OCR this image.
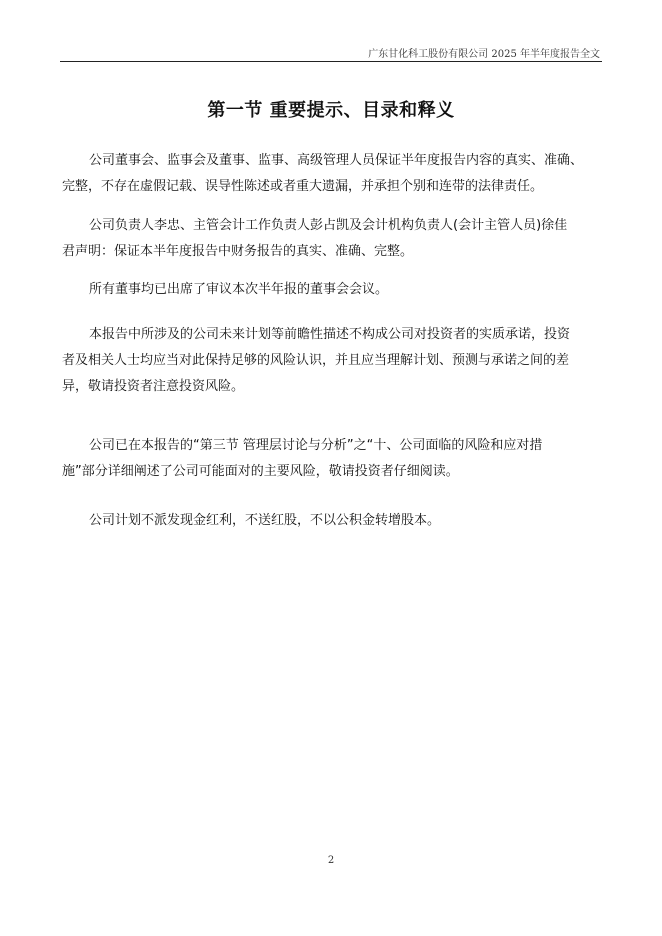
广东甘化科工股份有限公司 2025 年半年度报告全文
第一节 重要提示、目录和释义
公司董事会、监事会及董事、监事、高级管理人员保证半年度报告内容的真实、准确、
完整，不存在虚假记载、误导性陈述或者重大遗漏，并承担个别和连带的法律责任。
公司负责人李忠、主管会计工作负责人彭占凯及会计机构负责人(会计主管人员)徐佳
君声明：保证本半年度报告中财务报告的真实、准确、完整。
所有董事均已出席了审议本次半年报的董事会会议。
本报告中所涉及的公司未来计划等前瞻性描述不构成公司对投资者的实质承诺，投资
者及相关人士均应当对此保持足够的风险认识，并且应当理解计划、预测与承诺之间的差
异，敬请投资者注意投资风险。
公司已在本报告的“第三节 管理层讨论与分析”之“十、公司面临的风险和应对措
施”部分详细阐述了公司可能面对的主要风险，敬请投资者仔细阅读。
公司计划不派发现金红利，不送红股，不以公积金转增股本。
2
